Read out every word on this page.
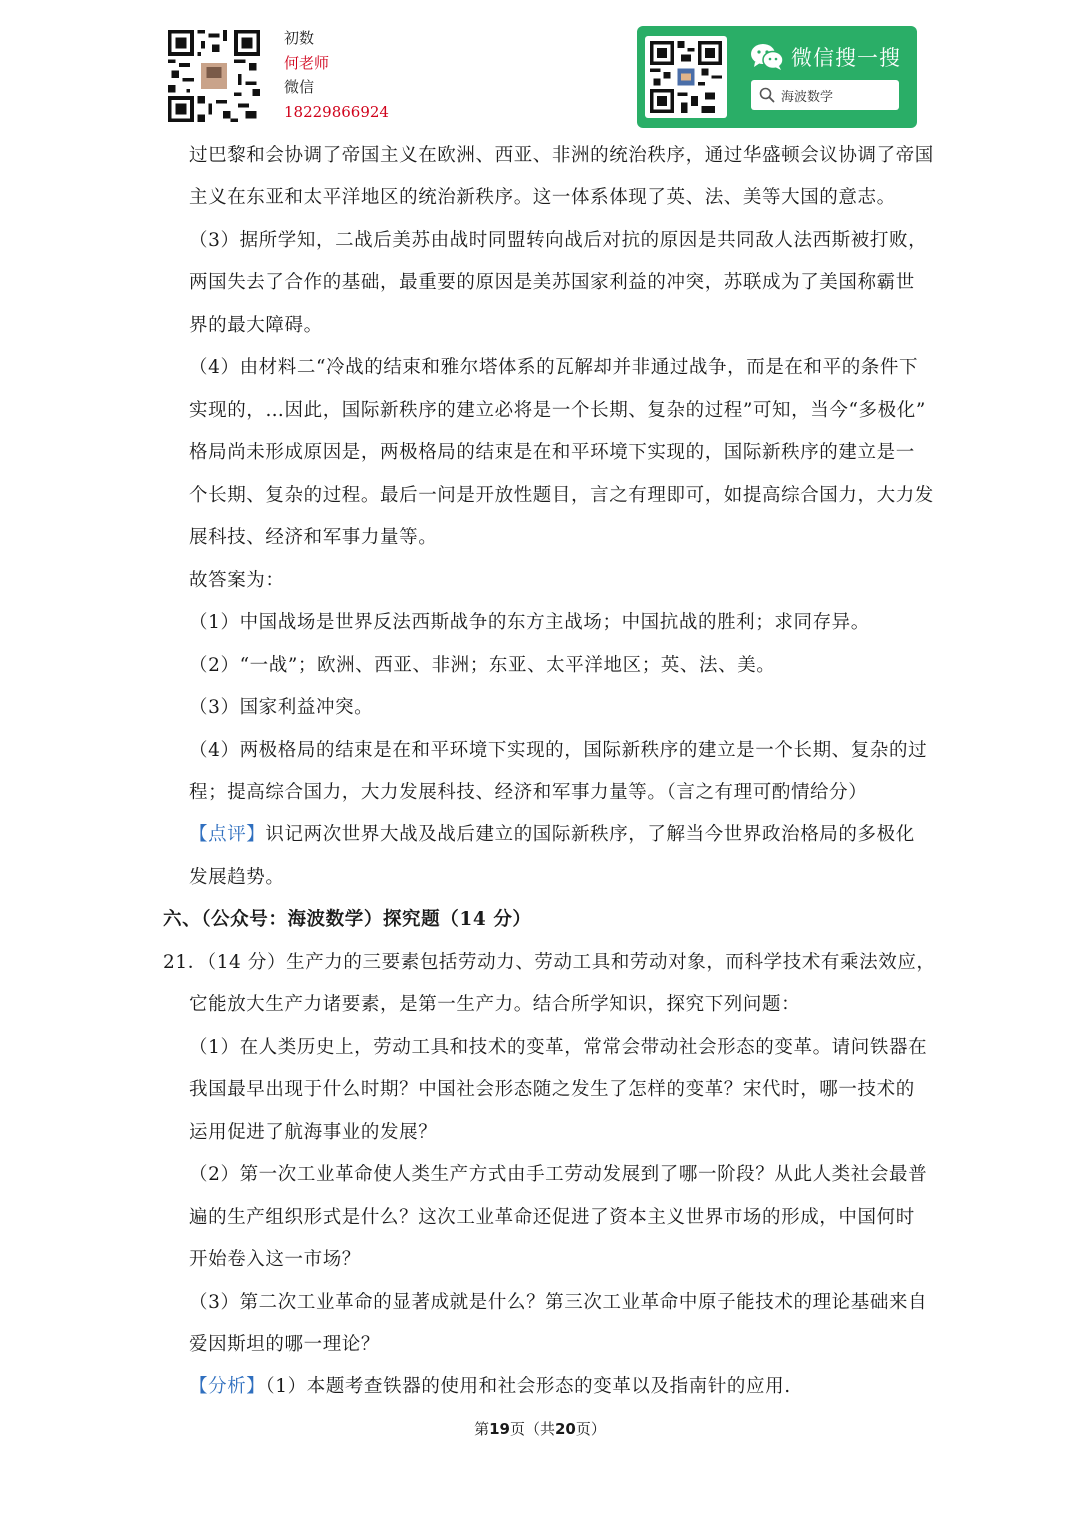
初数
何老师
微信
18229866924
微信搜一搜
海波数学
过巴黎和会协调了帝国主义在欧洲、西亚、非洲的统治秩序，通过华盛顿会议协调了帝国
主义在东亚和太平洋地区的统治新秩序。这一体系体现了英、法、美等大国的意志。
（3）据所学知，二战后美苏由战时同盟转向战后对抗的原因是共同敌人法西斯被打败，
两国失去了合作的基础，最重要的原因是美苏国家利益的冲突，苏联成为了美国称霸世
界的最大障碍。
（4）由材料二“冷战的结束和雅尔塔体系的瓦解却并非通过战争，而是在和平的条件下
实现的，…因此，国际新秩序的建立必将是一个长期、复杂的过程”可知，当今“多极化”
格局尚未形成原因是，两极格局的结束是在和平环境下实现的，国际新秩序的建立是一
个长期、复杂的过程。最后一问是开放性题目，言之有理即可，如提高综合国力，大力发
展科技、经济和军事力量等。
故答案为：
（1）中国战场是世界反法西斯战争的东方主战场；中国抗战的胜利；求同存异。
（2）“一战”；欧洲、西亚、非洲；东亚、太平洋地区；英、法、美。
（3）国家利益冲突。
（4）两极格局的结束是在和平环境下实现的，国际新秩序的建立是一个长期、复杂的过
程；提高综合国力，大力发展科技、经济和军事力量等。（言之有理可酌情给分）
【点评】识记两次世界大战及战后建立的国际新秩序，了解当今世界政治格局的多极化
发展趋势。
六、（公众号：海波数学）探究题（14 分）
21．（14 分）生产力的三要素包括劳动力、劳动工具和劳动对象，而科学技术有乘法效应，
它能放大生产力诸要素，是第一生产力。结合所学知识，探究下列问题：
（1）在人类历史上，劳动工具和技术的变革，常常会带动社会形态的变革。请问铁器在
我国最早出现于什么时期？中国社会形态随之发生了怎样的变革？宋代时，哪一技术的
运用促进了航海事业的发展？
（2）第一次工业革命使人类生产方式由手工劳动发展到了哪一阶段？从此人类社会最普
遍的生产组织形式是什么？这次工业革命还促进了资本主义世界市场的形成，中国何时
开始卷入这一市场？
（3）第二次工业革命的显著成就是什么？第三次工业革命中原子能技术的理论基础来自
爱因斯坦的哪一理论？
【分析】（1）本题考查铁器的使用和社会形态的变革以及指南针的应用.
第19页（共20页）
